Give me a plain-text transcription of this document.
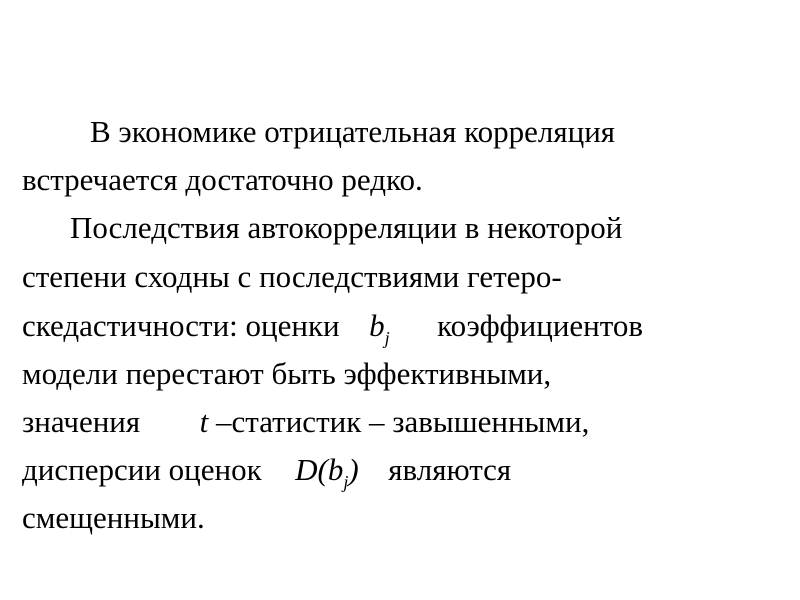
В экономике отрицательная корреляция
встречается достаточно редко.
Последствия автокорреляции в некоторой
степени сходны с последствиями гетеро-
скедастичности: оценки $b_j$ коэффициентов
модели перестают быть эффективными,
значения t –статистик – завышенными,
дисперсии оценок $D(b_j)$ являются
смещенными.
